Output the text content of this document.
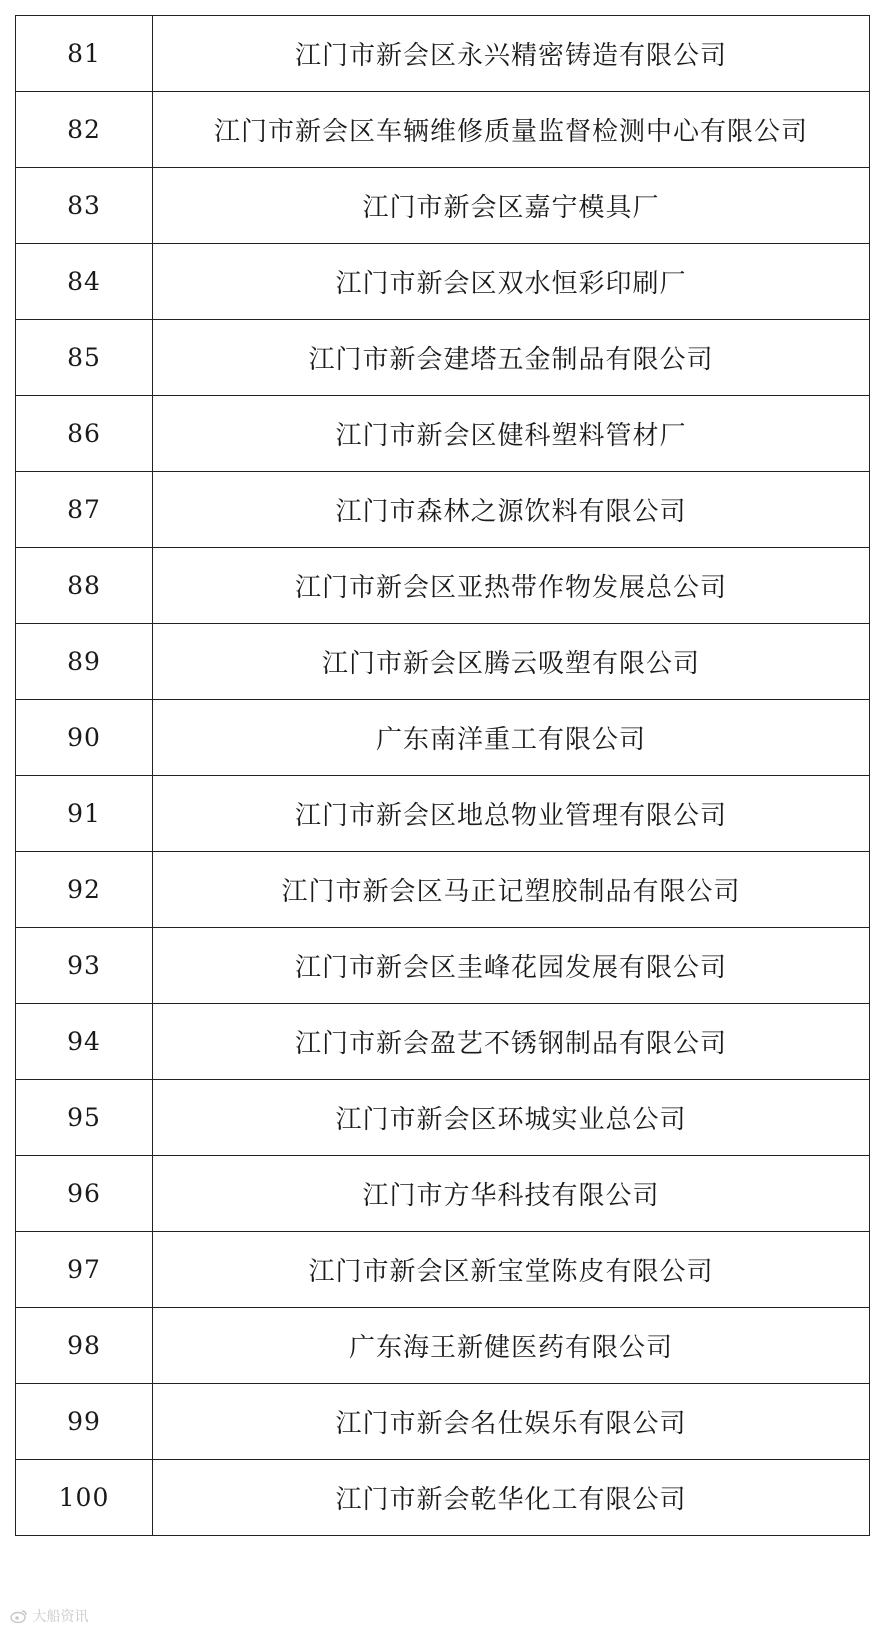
81	江门市新会区永兴精密铸造有限公司
82	江门市新会区车辆维修质量监督检测中心有限公司
83	江门市新会区嘉宁模具厂
84	江门市新会区双水恒彩印刷厂
85	江门市新会建塔五金制品有限公司
86	江门市新会区健科塑料管材厂
87	江门市森林之源饮料有限公司
88	江门市新会区亚热带作物发展总公司
89	江门市新会区腾云吸塑有限公司
90	广东南洋重工有限公司
91	江门市新会区地总物业管理有限公司
92	江门市新会区马正记塑胶制品有限公司
93	江门市新会区圭峰花园发展有限公司
94	江门市新会盈艺不锈钢制品有限公司
95	江门市新会区环城实业总公司
96	江门市方华科技有限公司
97	江门市新会区新宝堂陈皮有限公司
98	广东海王新健医药有限公司
99	江门市新会名仕娱乐有限公司
100	江门市新会乾华化工有限公司
大船资讯
